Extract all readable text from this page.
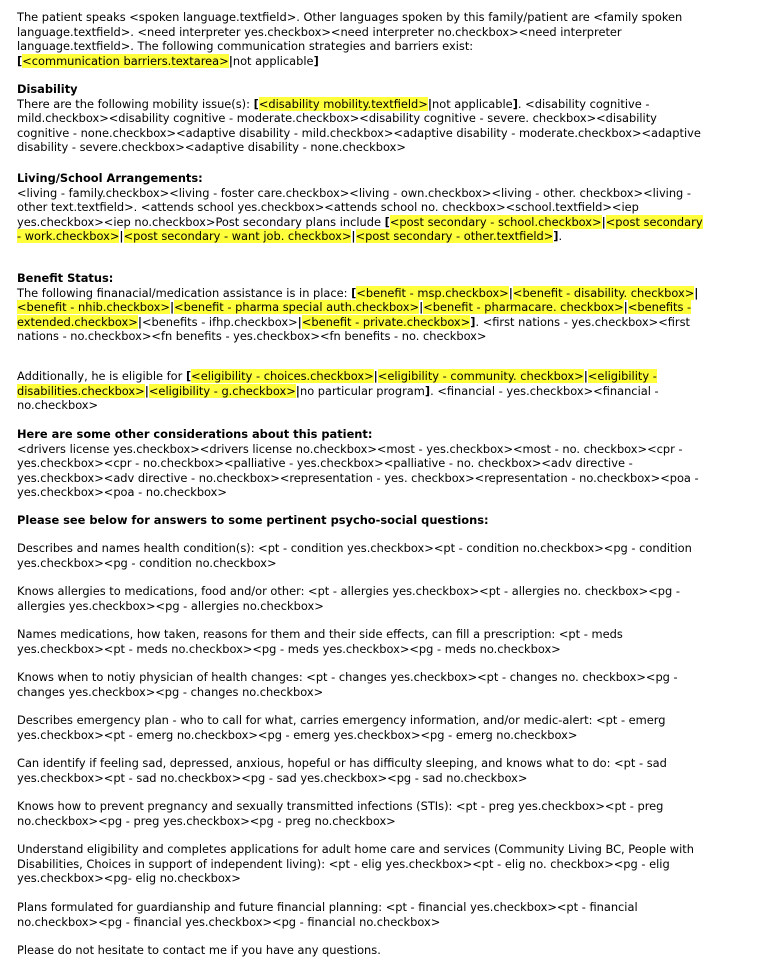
The patient speaks <spoken language.textfield>. Other languages spoken by this family/patient are <family spoken language.textfield>. <need interpreter yes.checkbox><need interpreter no.checkbox><need interpreter language.textfield>. The following communication strategies and barriers exist:
[<communication barriers.textarea>|not applicable]

Disability
There are the following mobility issue(s): [<disability mobility.textfield>|not applicable]. <disability cognitive - mild.checkbox><disability cognitive - moderate.checkbox><disability cognitive - severe. checkbox><disability cognitive - none.checkbox><adaptive disability - mild.checkbox><adaptive disability - moderate.checkbox><adaptive disability - severe.checkbox><adaptive disability - none.checkbox>
Living/School Arrangements:
<living - family.checkbox><living - foster care.checkbox><living - own.checkbox><living - other. checkbox><living - other text.textfield>. <attends school yes.checkbox><attends school no. checkbox><school.textfield><iep yes.checkbox><iep no.checkbox>Post secondary plans include [<post secondary - school.checkbox>|<post secondary - work.checkbox>|<post secondary - want job. checkbox>|<post secondary - other.textfield>].
Benefit Status:
The following finanacial/medication assistance is in place: [<benefit - msp.checkbox>|<benefit - disability. checkbox>|<benefit - nhib.checkbox>|<benefit - pharma special auth.checkbox>|<benefit - pharmacare. checkbox>|<benefits - extended.checkbox>|<benefits - ifhp.checkbox>|<benefit - private.checkbox>]. <first nations - yes.checkbox><first nations - no.checkbox><fn benefits - yes.checkbox><fn benefits - no. checkbox>

Additionally, he is eligible for [<eligibility - choices.checkbox>|<eligibility - community. checkbox>|<eligibility - disabilities.checkbox>|<eligibility - g.checkbox>|no particular program]. <financial - yes.checkbox><financial - no.checkbox>

Here are some other considerations about this patient:
<drivers license yes.checkbox><drivers license no.checkbox><most - yes.checkbox><most - no. checkbox><cpr - yes.checkbox><cpr - no.checkbox><palliative - yes.checkbox><palliative - no. checkbox><adv directive - yes.checkbox><adv directive - no.checkbox><representation - yes. checkbox><representation - no.checkbox><poa - yes.checkbox><poa - no.checkbox>
Please see below for answers to some pertinent psycho-social questions:

Describes and names health condition(s): <pt - condition yes.checkbox><pt - condition no.checkbox><pg - condition yes.checkbox><pg - condition no.checkbox>

Knows allergies to medications, food and/or other: <pt - allergies yes.checkbox><pt - allergies no. checkbox><pg - allergies yes.checkbox><pg - allergies no.checkbox>

Names medications, how taken, reasons for them and their side effects, can fill a prescription: <pt - meds yes.checkbox><pt - meds no.checkbox><pg - meds yes.checkbox><pg - meds no.checkbox>

Knows when to notiy physician of health changes: <pt - changes yes.checkbox><pt - changes no. checkbox><pg - changes yes.checkbox><pg - changes no.checkbox>

Describes emergency plan - who to call for what, carries emergency information, and/or medic-alert: <pt - emerg yes.checkbox><pt - emerg no.checkbox><pg - emerg yes.checkbox><pg - emerg no.checkbox>

Can identify if feeling sad, depressed, anxious, hopeful or has difficulty sleeping, and knows what to do: <pt - sad yes.checkbox><pt - sad no.checkbox><pg - sad yes.checkbox><pg - sad no.checkbox>

Knows how to prevent pregnancy and sexually transmitted infections (STIs): <pt - preg yes.checkbox><pt - preg no.checkbox><pg - preg yes.checkbox><pg - preg no.checkbox>

Understand eligibility and completes applications for adult home care and services (Community Living BC, People with Disabilities, Choices in support of independent living): <pt - elig yes.checkbox><pt - elig no. checkbox><pg - elig yes.checkbox><pg- elig no.checkbox>

Plans formulated for guardianship and future financial planning: <pt - financial yes.checkbox><pt - financial no.checkbox><pg - financial yes.checkbox><pg - financial no.checkbox>

Please do not hesitate to contact me if you have any questions.
